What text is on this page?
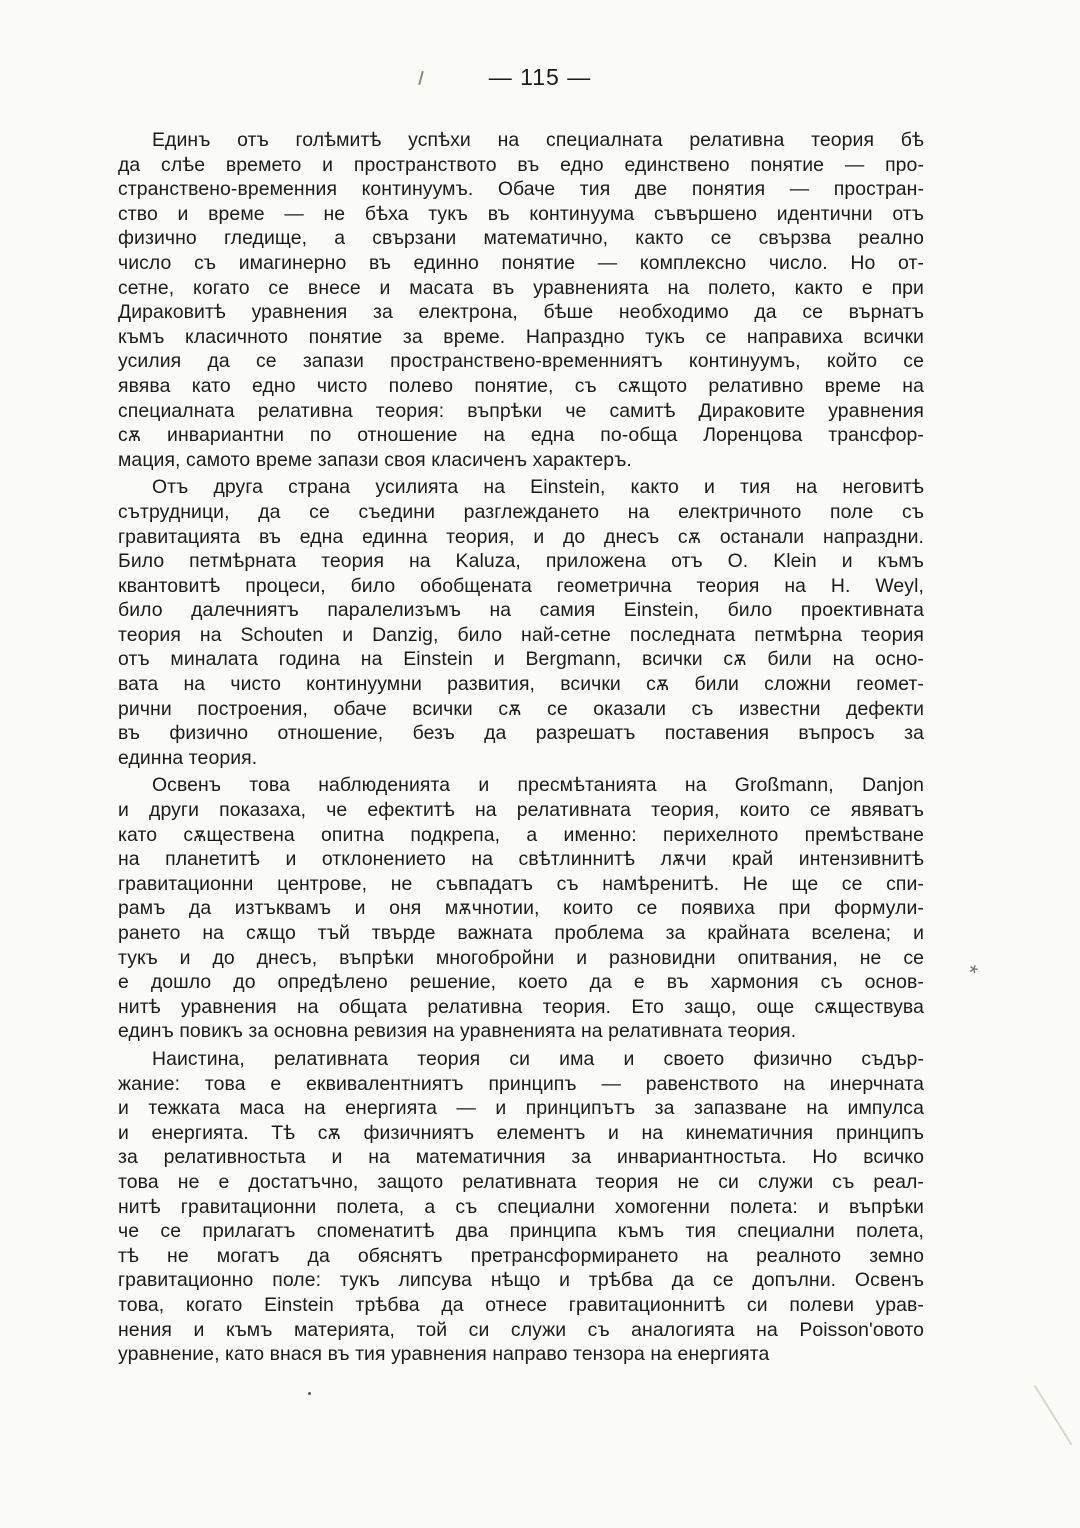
— 115 —

Единъ отъ голѣмитѣ успѣхи на специалната релативна теория бѣ
да слѣе времето и пространството въ едно единствено понятие — про-
странствено-временния континуумъ. Обаче тия две понятия — простран-
ство и време — не бѣха тукъ въ континуума съвършено идентични отъ
физично гледище, а свързани математично, както се свързва реално
число съ имагинерно въ единно понятие — комплексно число. Но от-
сетне, когато се внесе и масата въ уравненията на полето, както е при
Дираковитѣ уравнения за електрона, бѣше необходимо да се върнатъ
къмъ класичното понятие за време. Напраздно тукъ се направиха всички
усилия да се запази пространствено-временниятъ континуумъ, който се
явява като едно чисто полево понятие, съ сѫщото релативно време на
специалната релативна теория: въпрѣки че самитѣ Дираковите уравнения
сѫ инвариантни по отношение на една по-обща Лоренцова трансфор-
мация, самото време запази своя класиченъ характеръ.

Отъ друга страна усилията на Einstein, както и тия на неговитѣ
сътрудници, да се съедини разглеждането на електричното поле съ
гравитацията въ една единна теория, и до днесъ сѫ останали напраздни.
Било петмѣрната теория на Kaluza, приложена отъ O. Klein и къмъ
квантовитѣ процеси, било обобщената геометрична теория на H. Weyl,
било далечниятъ паралелизъмъ на самия Einstein, било проективната
теория на Schouten и Danzig, било най-сетне последната петмѣрна теория
отъ миналата година на Einstein и Bergmann, всички сѫ били на осно-
вата на чисто континуумни развития, всички сѫ били сложни геомет-
рични построения, обаче всички сѫ се оказали съ известни дефекти
въ физично отношение, безъ да разрешатъ поставения въпросъ за
единна теория.

Освенъ това наблюденията и пресмѣтанията на Großmann, Danjon
и други показаха, че ефектитѣ на релативната теория, които се явяватъ
като сѫществена опитна подкрепа, а именно: перихелното премѣстване
на планетитѣ и отклонението на свѣтлиннитѣ лѫчи край интензивнитѣ
гравитационни центрове, не съвпадатъ съ намѣренитѣ. Не ще се спи-
рамъ да изтъквамъ и оня мѫчнотии, които се появиха при формули-
рането на сѫщо тъй твърде важната проблема за крайната вселена; и
тукъ и до днесъ, въпрѣки многобройни и разновидни опитвания, не се
е дошло до опредѣлено решение, което да е въ хармония съ основ-
нитѣ уравнения на общата релативна теория. Ето защо, още сѫществува
единъ повикъ за основна ревизия на уравненията на релативната теория.

Наистина, релативната теория си има и своето физично съдър-
жание: това е еквивалентниятъ принципъ — равенството на инерчната
и тежката маса на енергията — и принципътъ за запазване на импулса
и енергията. Тѣ сѫ физичниятъ елементъ и на кинематичния принципъ
за релативностьта и на математичния за инвариантностьта. Но всичко
това не е достатъчно, защото релативната теория не си служи съ реал-
нитѣ гравитационни полета, а съ специални хомогенни полета: и въпрѣки
че се прилагатъ споменатитѣ два принципа къмъ тия специални полета,
тѣ не могатъ да обяснятъ претрансформирането на реалното земно
гравитационно поле: тукъ липсува нѣщо и трѣбва да се допълни. Освенъ
това, когато Einstein трѣбва да отнесе гравитационнитѣ си полеви урав-
нения и къмъ материята, той си служи съ аналогията на Poisson'овото
уравнение, като внася въ тия уравнения направо тензора на енергията

*
